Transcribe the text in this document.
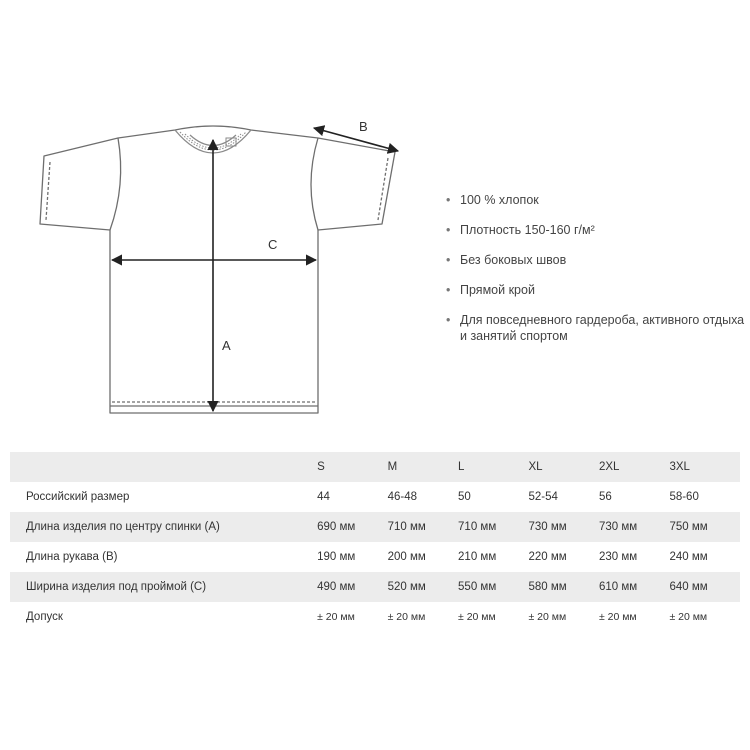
A
B
C
• 100 % хлопок
• Плотность 150-160 г/м²
• Без боковых швов
• Прямой крой
• Для повседневного гардероба, активного отдыха и занятий спортом
	S	M	L	XL	2XL	3XL
Российский размер	44	46-48	50	52-54	56	58-60
Длина изделия по центру спинки (А)	690 мм	710 мм	710 мм	730 мм	730 мм	750 мм
Длина рукава (В)	190 мм	200 мм	210 мм	220 мм	230 мм	240 мм
Ширина изделия под проймой (С)	490 мм	520 мм	550 мм	580 мм	610 мм	640 мм
Допуск	± 20 мм	± 20 мм	± 20 мм	± 20 мм	± 20 мм	± 20 мм
